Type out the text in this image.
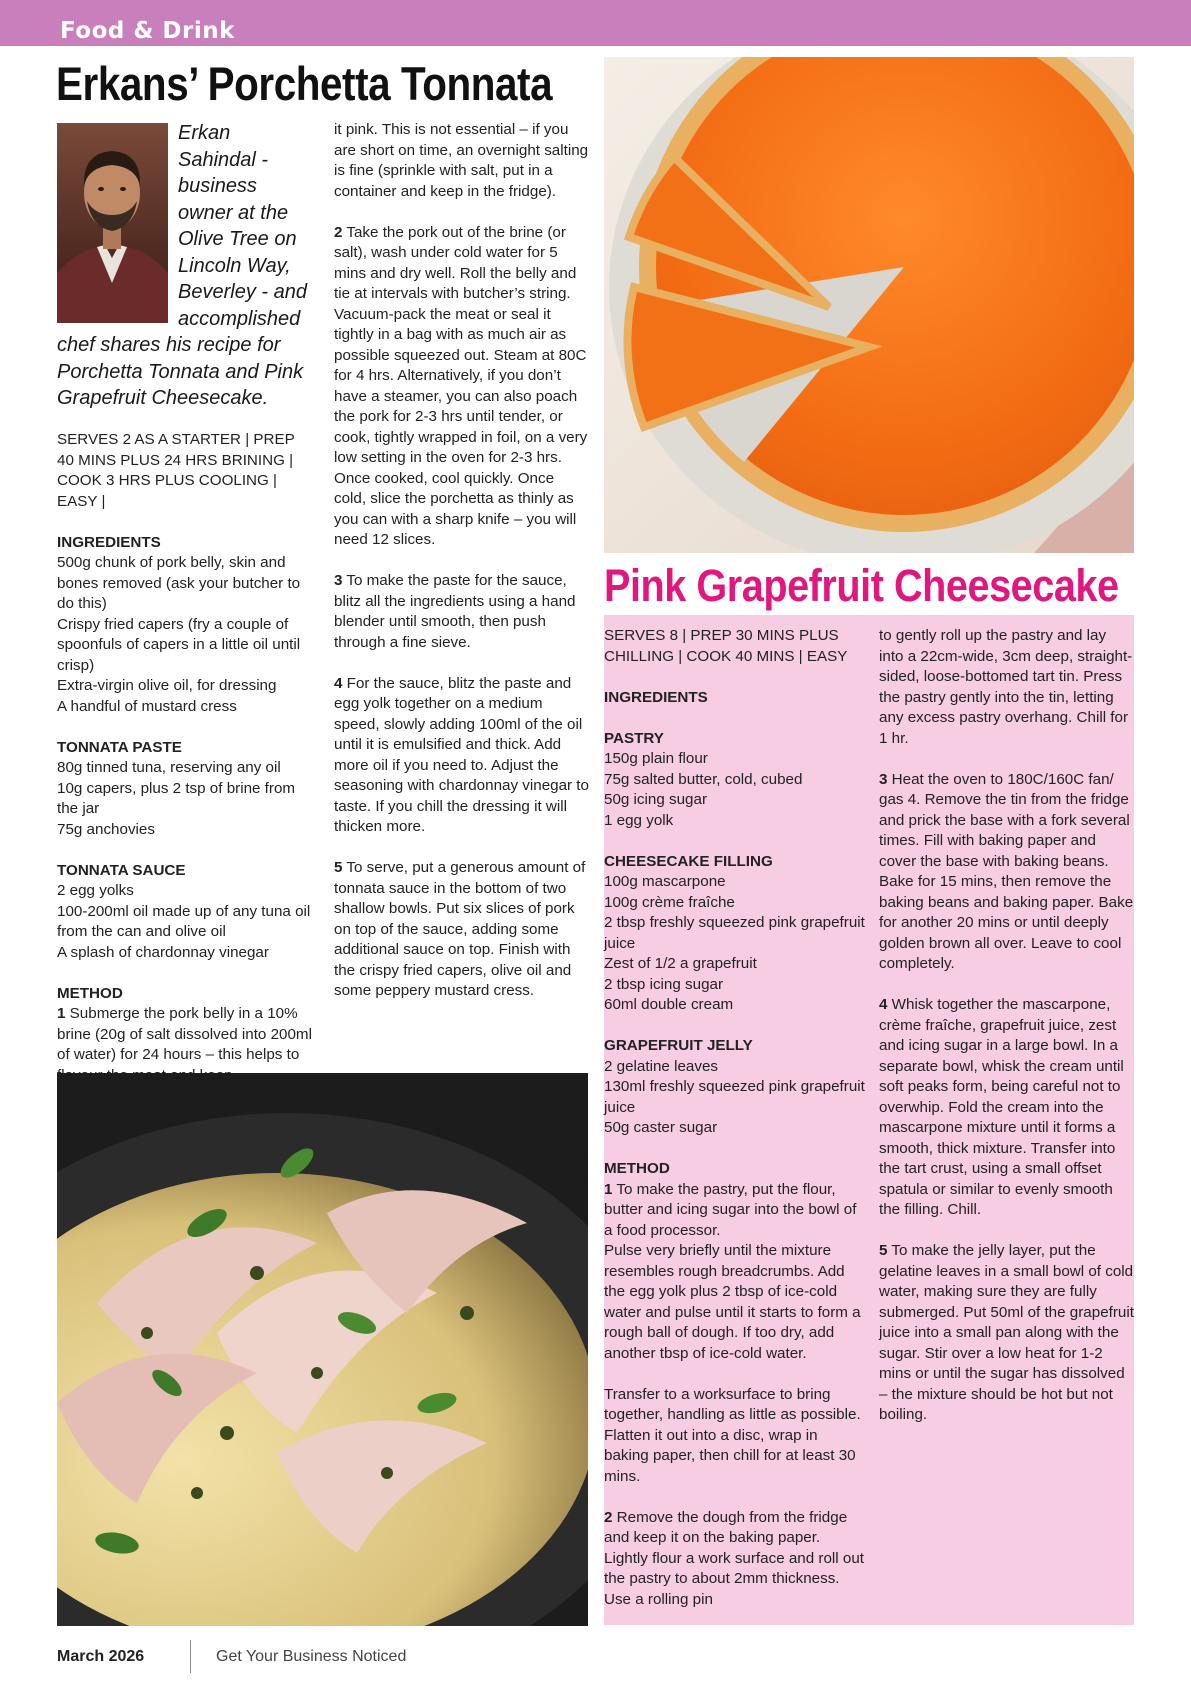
Food & Drink
Erkans’ Porchetta Tonnata
Erkan
Sahindal -
business
owner at the
Olive Tree on
Lincoln Way,
Beverley - and
accomplished
chef shares his recipe for
Porchetta Tonnata and Pink
Grapefruit Cheesecake.

SERVES 2 AS A STARTER | PREP 40 MINS PLUS 24 HRS BRINING | COOK 3 HRS PLUS COOLING | EASY |

INGREDIENTS

500g chunk of pork belly, skin and bones removed (ask your butcher to do this)
Crispy fried capers (fry a couple of spoonfuls of capers in a little oil until crisp)
Extra-virgin olive oil, for dressing
A handful of mustard cress

TONNATA PASTE

80g tinned tuna, reserving any oil
10g capers, plus 2 tsp of brine from the jar
75g anchovies

TONNATA SAUCE

2 egg yolks
100-200ml oil made up of any tuna oil from the can and olive oil
A splash of chardonnay vinegar

METHOD
1 Submerge the pork belly in a 10% brine (20g of salt dissolved into 200ml of water) for 24 hours – this helps to

it pink. This is not essential – if you are short on time, an overnight salting is fine (sprinkle with salt, put in a container and keep in the fridge).

2 Take the pork out of the brine (or salt), wash under cold water for 5 mins and dry well. Roll the belly and tie at intervals with butcher’s string. Vacuum-pack the meat or seal it tightly in a bag with as much air as possible squeezed out. Steam at 80C for 4 hrs. Alternatively, if you don’t have a steamer, you can also poach the pork for 2-3 hrs until tender, or cook, tightly wrapped in foil, on a very low setting in the oven for 2-3 hrs. Once cooked, cool quickly. Once cold, slice the porchetta as thinly as you can with a sharp knife – you will need 12 slices.

3 To make the paste for the sauce, blitz all the ingredients using a hand blender until smooth, then push through a fine sieve.

4 For the sauce, blitz the paste and egg yolk together on a medium speed, slowly adding 100ml of the oil until it is emulsified and thick. Add more oil if you need to. Adjust the seasoning with chardonnay vinegar to taste. If you chill the dressing it will thicken more.

5 To serve, put a generous amount of tonnata sauce in the bottom of two shallow bowls. Put six slices of pork on top of the sauce, adding some additional sauce on top. Finish with the crispy fried capers, olive oil and some peppery mustard cress.

Pink Grapefruit Cheesecake

SERVES 8 | PREP 30 MINS PLUS CHILLING | COOK 40 MINS | EASY

INGREDIENTS

PASTRY

150g plain flour
75g salted butter, cold, cubed
50g icing sugar
1 egg yolk

CHEESECAKE FILLING

100g mascarpone
100g crème fraîche
2 tbsp freshly squeezed pink grapefruit juice
Zest of 1/2 a grapefruit
2 tbsp icing sugar
60ml double cream

GRAPEFRUIT JELLY

2 gelatine leaves
130ml freshly squeezed pink grapefruit juice
50g caster sugar

METHOD
1 To make the pastry, put the flour, butter and icing sugar into the bowl of a food processor.

Pulse very briefly until the mixture resembles rough breadcrumbs. Add the egg yolk plus 2 tbsp of ice-cold water and pulse until it starts to form a rough ball of dough. If too dry, add another tbsp of ice-cold water.

Transfer to a worksurface to bring together, handling as little as possible. Flatten it out into a disc, wrap in baking paper, then chill for at least 30 mins.

2 Remove the dough from the fridge and keep it on the baking paper. Lightly flour a work surface and roll out the pastry to about 2mm thickness. Use a rolling pin

to gently roll up the pastry and lay into a 22cm-wide, 3cm deep, straight-sided, loose-bottomed tart tin. Press the pastry gently into the tin, letting any excess pastry overhang. Chill for 1 hr.

3 Heat the oven to 180C/160C fan/ gas 4. Remove the tin from the fridge and prick the base with a fork several times. Fill with baking paper and cover the base with baking beans. Bake for 15 mins, then remove the baking beans and baking paper. Bake for another 20 mins or until deeply golden brown all over. Leave to cool completely.

4 Whisk together the mascarpone, crème fraîche, grapefruit juice, zest and icing sugar in a large bowl. In a separate bowl, whisk the cream until soft peaks form, being careful not to overwhip. Fold the cream into the mascarpone mixture until it forms a smooth, thick mixture. Transfer into the tart crust, using a small offset spatula or similar to evenly smooth the filling. Chill.

5 To make the jelly layer, put the gelatine leaves in a small bowl of cold water, making sure they are fully submerged. Put 50ml of the grapefruit juice into a small pan along with the sugar. Stir over a low heat for 1-2 mins or until the sugar has dissolved – the mixture should be hot but not boiling.

March 2026	Get Your Business Noticed
